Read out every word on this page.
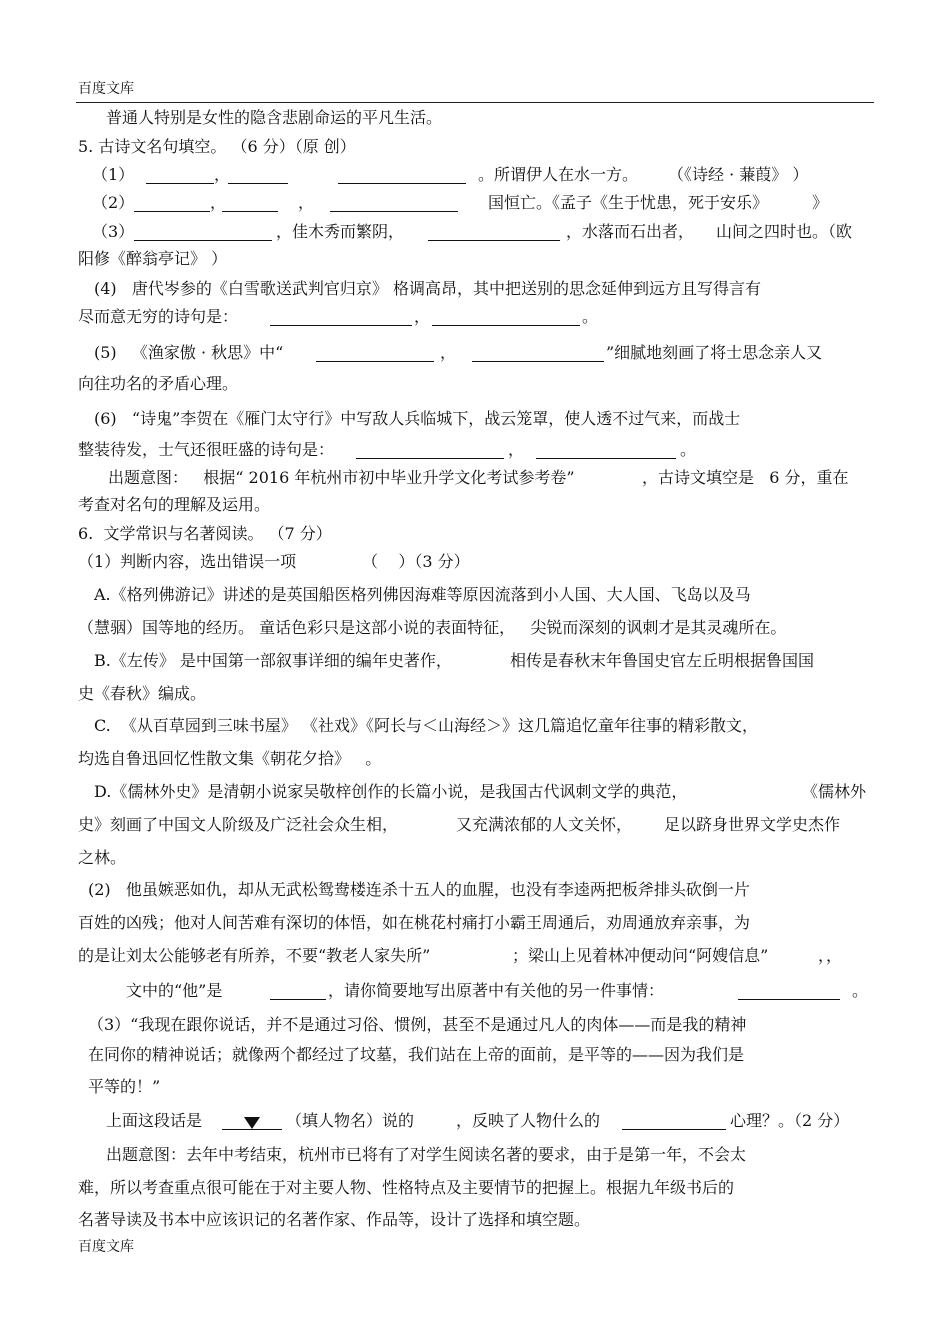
百度文库
普通人特别是女性的隐含悲剧命运的平凡生活。
5. 古诗文名句填空。 （6 分）（原 创）
（1）	，	。所谓伊人在水一方。 （《诗经 · 蒹葭》 ）
（2）	，	，	国恒亡。《孟子《生于忧患，死于安乐》	》
（3）	，佳木秀而繁阴，	，水落而石出者， 山间之四时也。（欧
阳修《醉翁亭记》 ）
(4)   唐代岑参的《白雪歌送武判官归京》 格调高昂，其中把送别的思念延伸到远方且写得言有
尽而意无穷的诗句是：	，	。
(5)   《渔家傲 · 秋思》中“	，	”细腻地刻画了将士思念亲人又
向往功名的矛盾心理。
(6)   “诗鬼”李贺在《雁门太守行》中写敌人兵临城下，战云笼罩，使人透不过气来，而战士
整装待发，士气还很旺盛的诗句是：	，	。
出题意图：   根据“ 2016 年杭州市初中毕业升学文化考试参考卷”	，古诗文填空是   6 分，重在
考查对名句的理解及运用。
6.  文学常识与名著阅读。 （7 分）
（1）判断内容，选出错误一项	（    ）（3 分）
A.《格列佛游记》讲述的是英国船医格列佛因海难等原因流落到小人国、大人国、飞岛以及马
（慧骃）国等地的经历。 童话色彩只是这部小说的表面特征，   尖锐而深刻的讽刺才是其灵魂所在。
B.《左传》 是中国第一部叙事详细的编年史著作，	相传是春秋末年鲁国史官左丘明根据鲁国国
史《春秋》编成。
C.  《从百草园到三味书屋》 《社戏》《阿长与＜山海经＞》这几篇追忆童年往事的精彩散文，
均选自鲁迅回忆性散文集《朝花夕拾》   。
D.《儒林外史》是清朝小说家吴敬梓创作的长篇小说，是我国古代讽刺文学的典范，	《儒林外
史》刻画了中国文人阶级及广泛社会众生相，	又充满浓郁的人文关怀， 足以跻身世界文学史杰作
之林。
(2)   他虽嫉恶如仇，却从无武松鸳鸯楼连杀十五人的血腥，也没有李逵两把板斧排头砍倒一片
百姓的凶残；他对人间苦难有深切的体悟，如在桃花村痛打小霸王周通后，劝周通放弃亲事，为
的是让刘太公能够老有所养，不要“教老人家失所”	；梁山上见着林冲便动问“阿嫂信息”	，，
文中的“他”是	，请你简要地写出原著中有关他的另一件事情：	。
（3）“我现在跟你说话，并不是通过习俗、惯例，甚至不是通过凡人的肉体——而是我的精神
在同你的精神说话；就像两个都经过了坟墓，我们站在上帝的面前，是平等的——因为我们是
平等的！”
上面这段话是	（填人物名）说的	，反映了人物什么的	心理？。（2 分）
出题意图：去年中考结束，杭州市已将有了对学生阅读名著的要求，由于是第一年，不会太
难，所以考查重点很可能在于对主要人物、性格特点及主要情节的把握上。根据九年级书后的
名著导读及书本中应该识记的名著作家、作品等，设计了选择和填空题。
百度文库
